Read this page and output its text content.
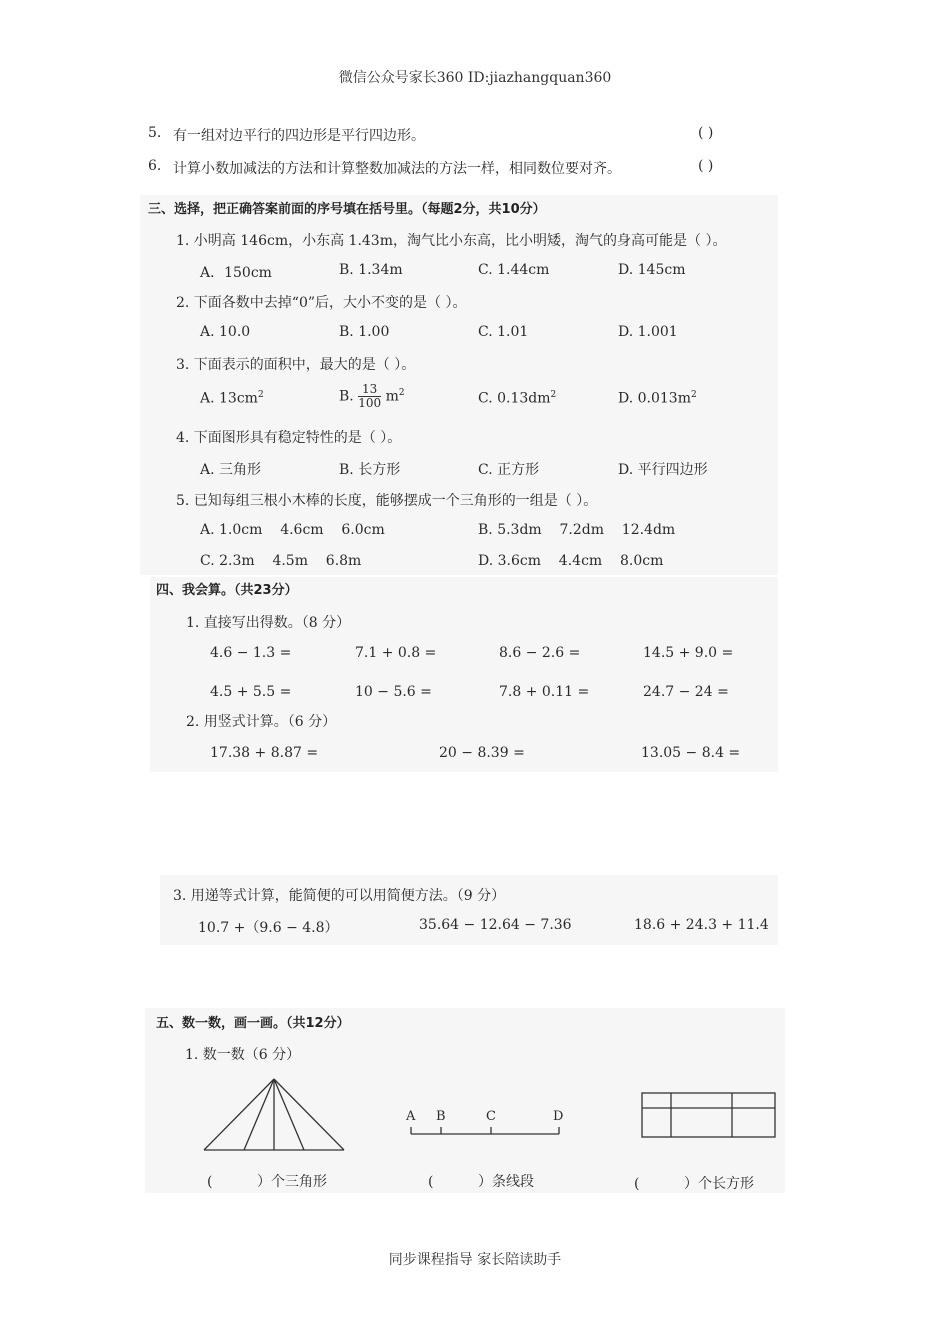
微信公众号家长360 ID:jiazhangquan360
5. 有一组对边平行的四边形是平行四边形。	( )
6. 计算小数加减法的方法和计算整数加减法的方法一样，相同数位要对齐。	( )
三、选择，把正确答案前面的序号填在括号里。（每题2分，共10分）
1. 小明高 146cm，小东高 1.43m，淘气比小东高，比小明矮，淘气的身高可能是（ ）。
A．150cm	B. 1.34m	C. 1.44cm	D. 145cm
2. 下面各数中去掉“0”后，大小不变的是（ ）。
A. 10.0	B. 1.00	C. 1.01	D. 1.001
3. 下面表示的面积中，最大的是（ ）。
A. $13cm^2$	B. $\frac{13}{100} m^2$	C. $0.13dm^2$	D. $0.013m^2$
4. 下面图形具有稳定特性的是（ ）。
A. 三角形	B. 长方形	C. 正方形	D. 平行四边形
5. 已知每组三根小木棒的长度，能够摆成一个三角形的一组是（ ）。
A. 1.0cm    4.6cm    6.0cm	B. 5.3dm    7.2dm    12.4dm
C. 2.3m    4.5m    6.8m	D. 3.6cm    4.4cm    8.0cm
四、我会算。（共23分）
1. 直接写出得数。（8 分）
4.6 − 1.3 =	7.1 + 0.8 =	8.6 − 2.6 =	14.5 + 9.0 =
4.5 + 5.5 =	10 − 5.6 =	7.8 + 0.11 =	24.7 − 24 =
2. 用竖式计算。（6 分）
17.38 + 8.87 =	20 − 8.39 =	13.05 − 8.4 =
3. 用递等式计算，能简便的可以用简便方法。（9 分）
10.7 +（9.6 − 4.8）	35.64 − 12.64 − 7.36	18.6 + 24.3 + 11.4
五、数一数，画一画。（共12分）
1. 数一数（6 分）
A B	C	D
(          ）个三角形	(          ）条线段	(          ）个长方形
同步课程指导 家长陪读助手
